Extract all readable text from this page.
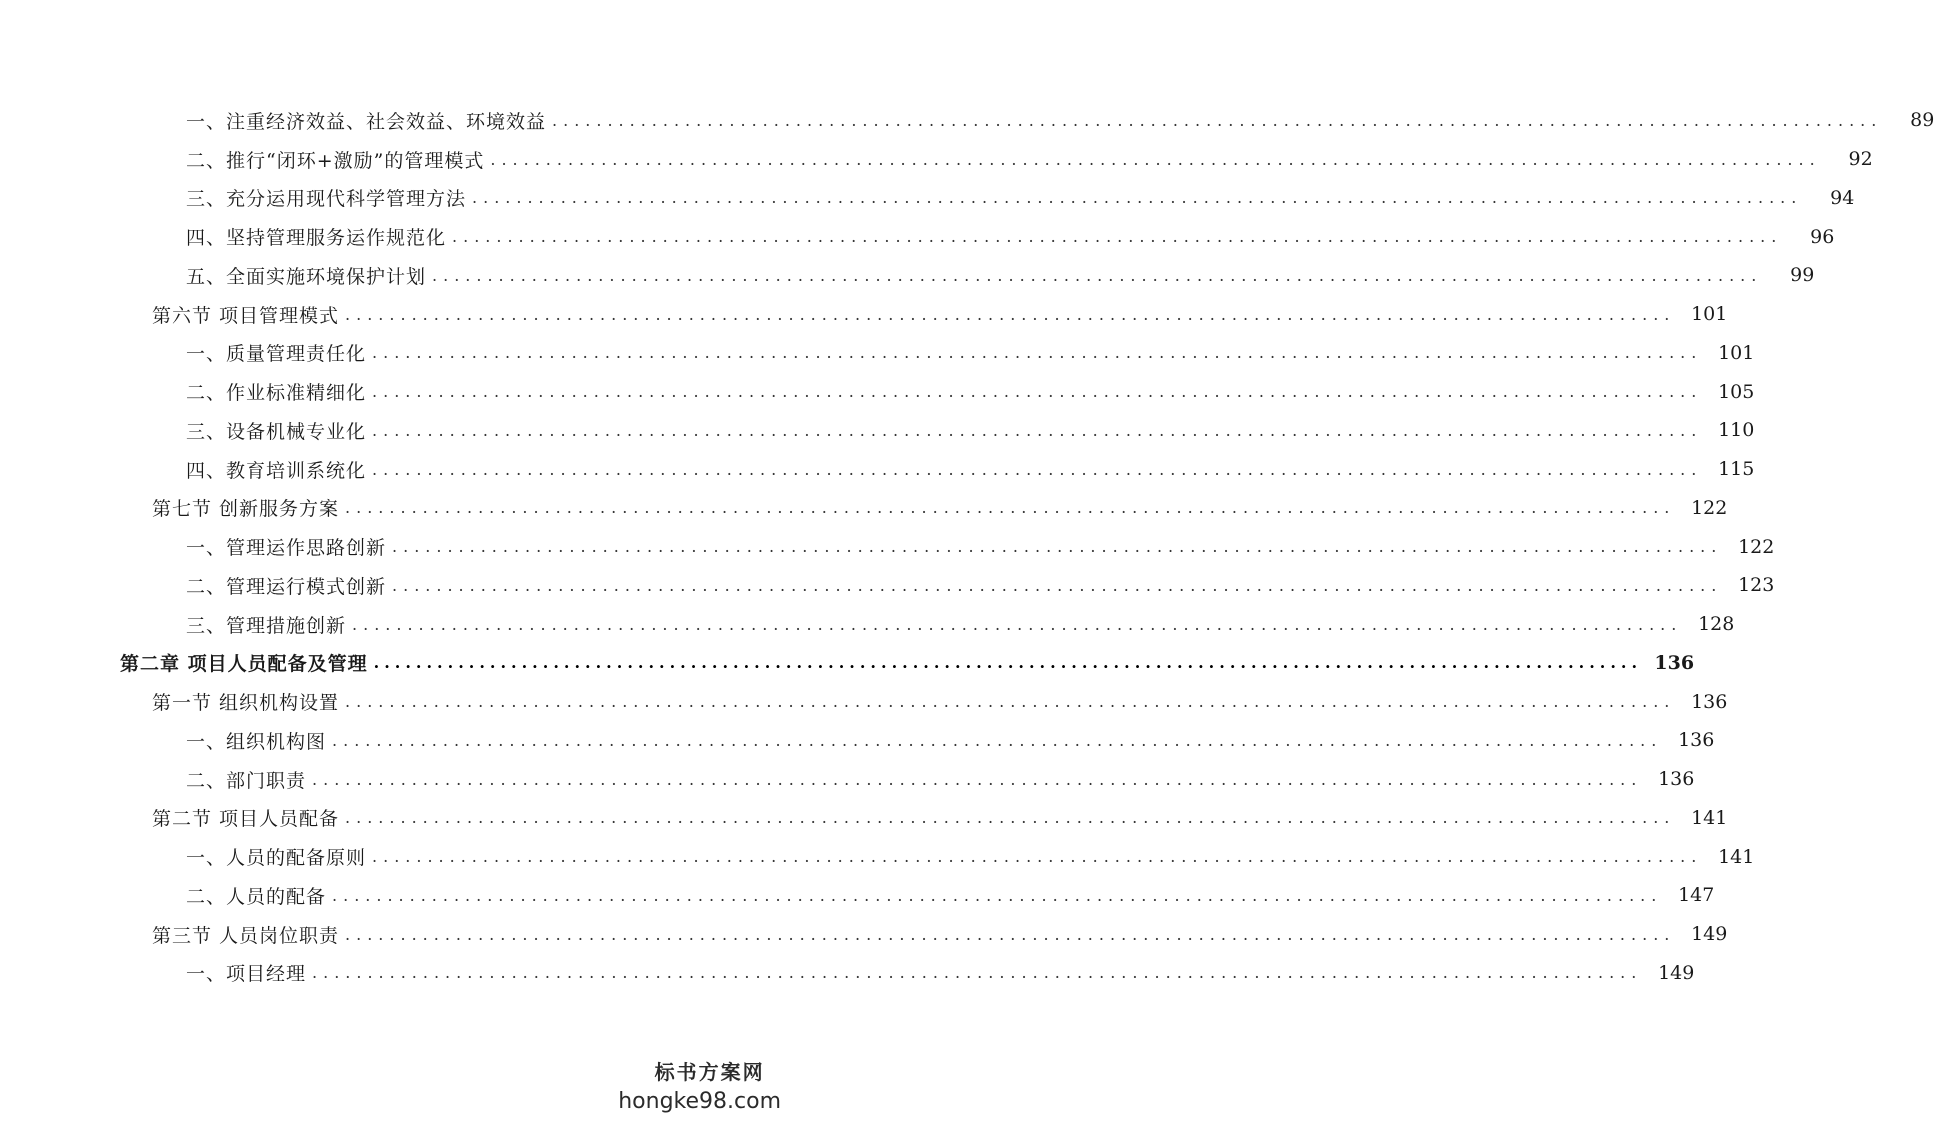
一、注重经济效益、社会效益、环境效益 ........................................................................................................................	89
二、推行“闭环+激励”的管理模式 ........................................................................................................................	92
三、充分运用现代科学管理方法 ........................................................................................................................	94
四、坚持管理服务运作规范化 ........................................................................................................................	96
五、全面实施环境保护计划 ........................................................................................................................	99
第六节 项目管理模式 ........................................................................................................................ 101
一、质量管理责任化 ........................................................................................................................ 101
二、作业标准精细化 ........................................................................................................................ 105
三、设备机械专业化 ........................................................................................................................ 110
四、教育培训系统化 ........................................................................................................................ 115
第七节 创新服务方案 ........................................................................................................................ 122
一、管理运作思路创新 ........................................................................................................................ 122
二、管理运行模式创新 ........................................................................................................................ 123
三、管理措施创新 ........................................................................................................................ 128
第二章 项目人员配备及管理 ........................................................................................................................ 136
第一节 组织机构设置 ........................................................................................................................ 136
一、组织机构图 ........................................................................................................................ 136
二、部门职责 ........................................................................................................................ 136
第二节 项目人员配备 ........................................................................................................................ 141
一、人员的配备原则 ........................................................................................................................ 141
二、人员的配备 ........................................................................................................................ 147
第三节 人员岗位职责 ........................................................................................................................ 149
一、项目经理 ........................................................................................................................ 149
标书方案网
hongke98.com
